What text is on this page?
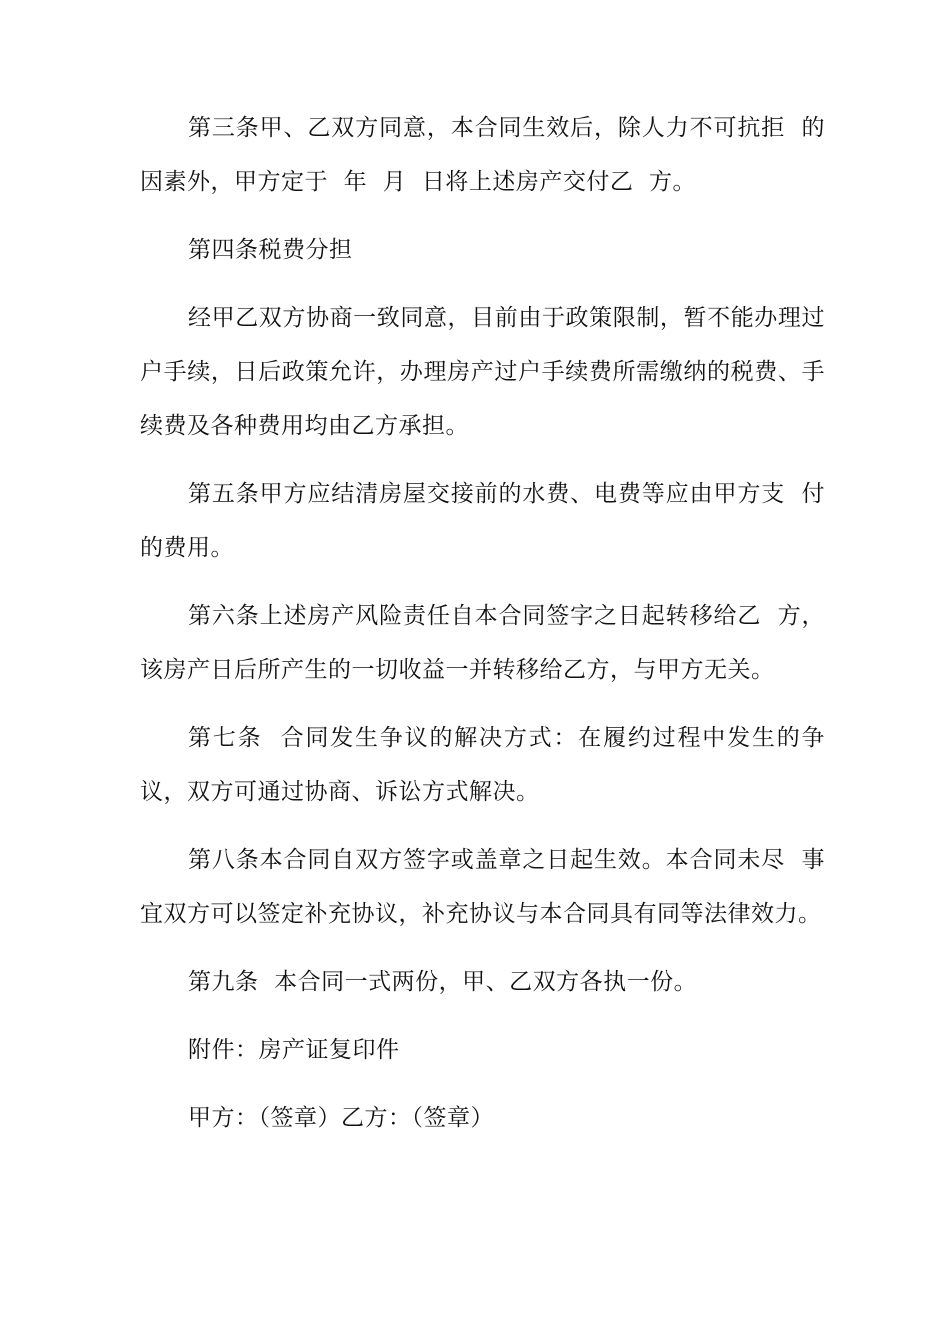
第三条甲、乙双方同意，本合同生效后，除人力不可抗拒  的因素外，甲方定于  年  月  日将上述房产交付乙  方。

第四条税费分担

经甲乙双方协商一致同意，目前由于政策限制，暂不能办理过户手续，日后政策允许，办理房产过户手续费所需缴纳的税费、手续费及各种费用均由乙方承担。

第五条甲方应结清房屋交接前的水费、电费等应由甲方支  付的费用。

第六条上述房产风险责任自本合同签字之日起转移给乙  方，该房产日后所产生的一切收益一并转移给乙方，与甲方无关。

第七条  合同发生争议的解决方式：在履约过程中发生的争议，双方可通过协商、诉讼方式解决。

第八条本合同自双方签字或盖章之日起生效。本合同未尽  事宜双方可以签定补充协议，补充协议与本合同具有同等法律效力。

第九条  本合同一式两份，甲、乙双方各执一份。

附件：房产证复印件

甲方：（签章）乙方：（签章）
